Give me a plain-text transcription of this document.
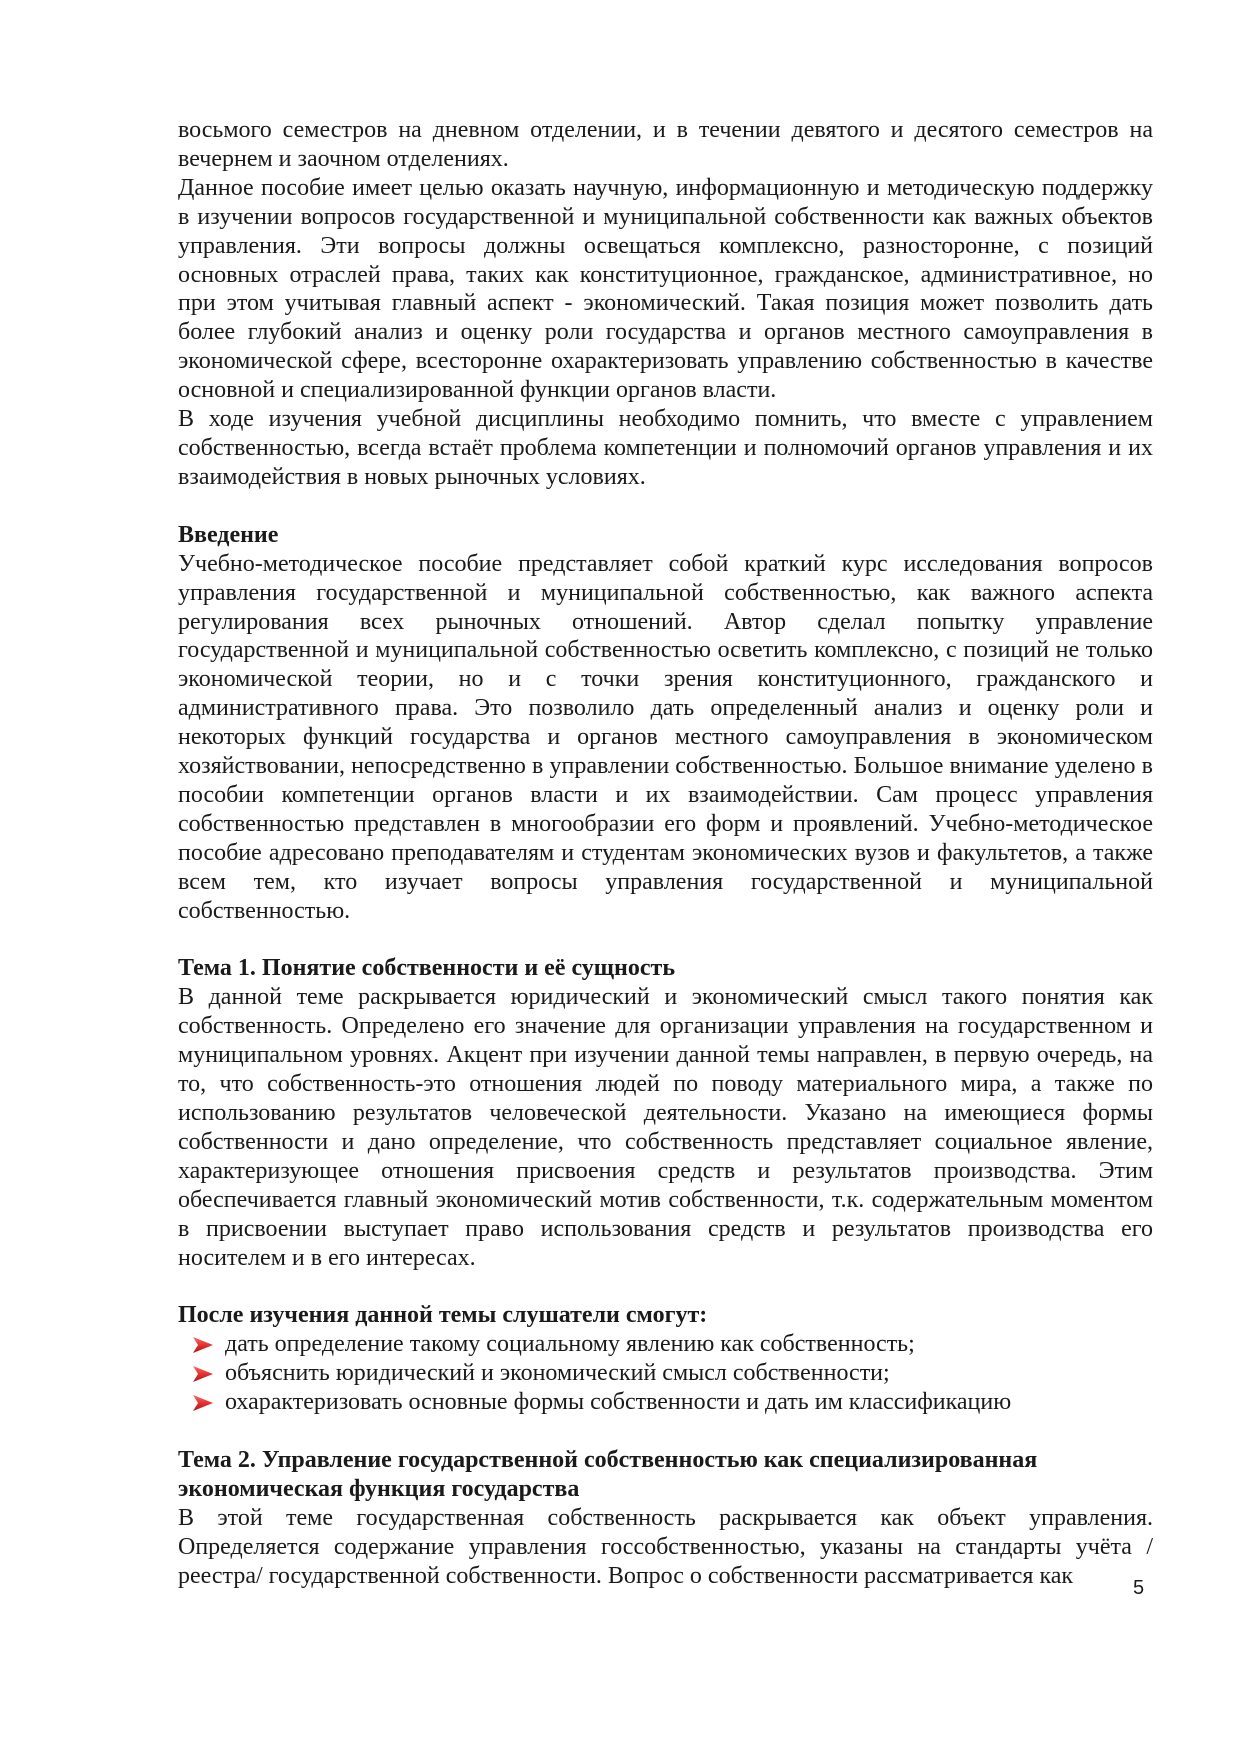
восьмого семестров на дневном отделении, и в течении девятого и десятого семестров на вечернем и заочном отделениях.

Данное пособие имеет целью оказать научную, информационную и методическую поддержку в изучении вопросов государственной и муниципальной собственности как важных объектов управления. Эти вопросы должны освещаться комплексно, разносторонне, с позиций основных отраслей права, таких как конституционное, гражданское, административное, но при этом учитывая главный аспект - экономический. Такая позиция может позволить дать более глубокий анализ и оценку роли государства и органов местного самоуправления в экономической сфере, всесторонне охарактеризовать управлению собственностью в качестве основной и специализированной функции органов власти.

В ходе изучения учебной дисциплины необходимо помнить, что вместе с управлением собственностью, всегда встаёт проблема компетенции и полномочий органов управления и их взаимодействия в новых рыночных условиях.

Введение

Учебно-методическое пособие представляет собой краткий курс исследования вопросов управления государственной и муниципальной собственностью, как важного аспекта регулирования всех рыночных отношений. Автор сделал попытку управление государственной и муниципальной собственностью осветить комплексно, с позиций не только экономической теории, но и с точки зрения конституционного, гражданского и административного права. Это позволило дать определенный анализ и оценку роли и некоторых функций государства и органов местного самоуправления в экономическом хозяйствовании, непосредственно в управлении собственностью. Большое внимание уделено в пособии компетенции органов власти и их взаимодействии. Сам процесс управления собственностью представлен в многообразии его форм и проявлений. Учебно-методическое пособие адресовано преподавателям и студентам экономических вузов и факультетов, а также всем тем, кто изучает вопросы управления государственной и муниципальной собственностью.

Тема 1. Понятие собственности и её сущность

В данной теме раскрывается юридический и экономический смысл такого понятия как собственность. Определено его значение для организации управления на государственном и муниципальном уровнях. Акцент при изучении данной темы направлен, в первую очередь, на то, что собственность-это отношения людей по поводу материального мира, а также по использованию результатов человеческой деятельности. Указано на имеющиеся формы собственности и дано определение, что собственность представляет социальное явление, характеризующее отношения присвоения средств и результатов производства. Этим обеспечивается главный экономический мотив собственности, т.к. содержательным моментом в присвоении выступает право использования средств и результатов производства его носителем и в его интересах.

После изучения данной темы слушатели смогут:

дать определение такому социальному явлению как собственность;
объяснить юридический и экономический смысл собственности;
охарактеризовать основные формы собственности и дать им классификацию

Тема 2. Управление государственной собственностью как специализированная

экономическая функция государства

В этой теме государственная собственность раскрывается как объект управления. Определяется содержание управления госсобственностью, указаны на стандарты учёта /реестра/ государственной собственности. Вопрос о собственности рассматривается как	5
